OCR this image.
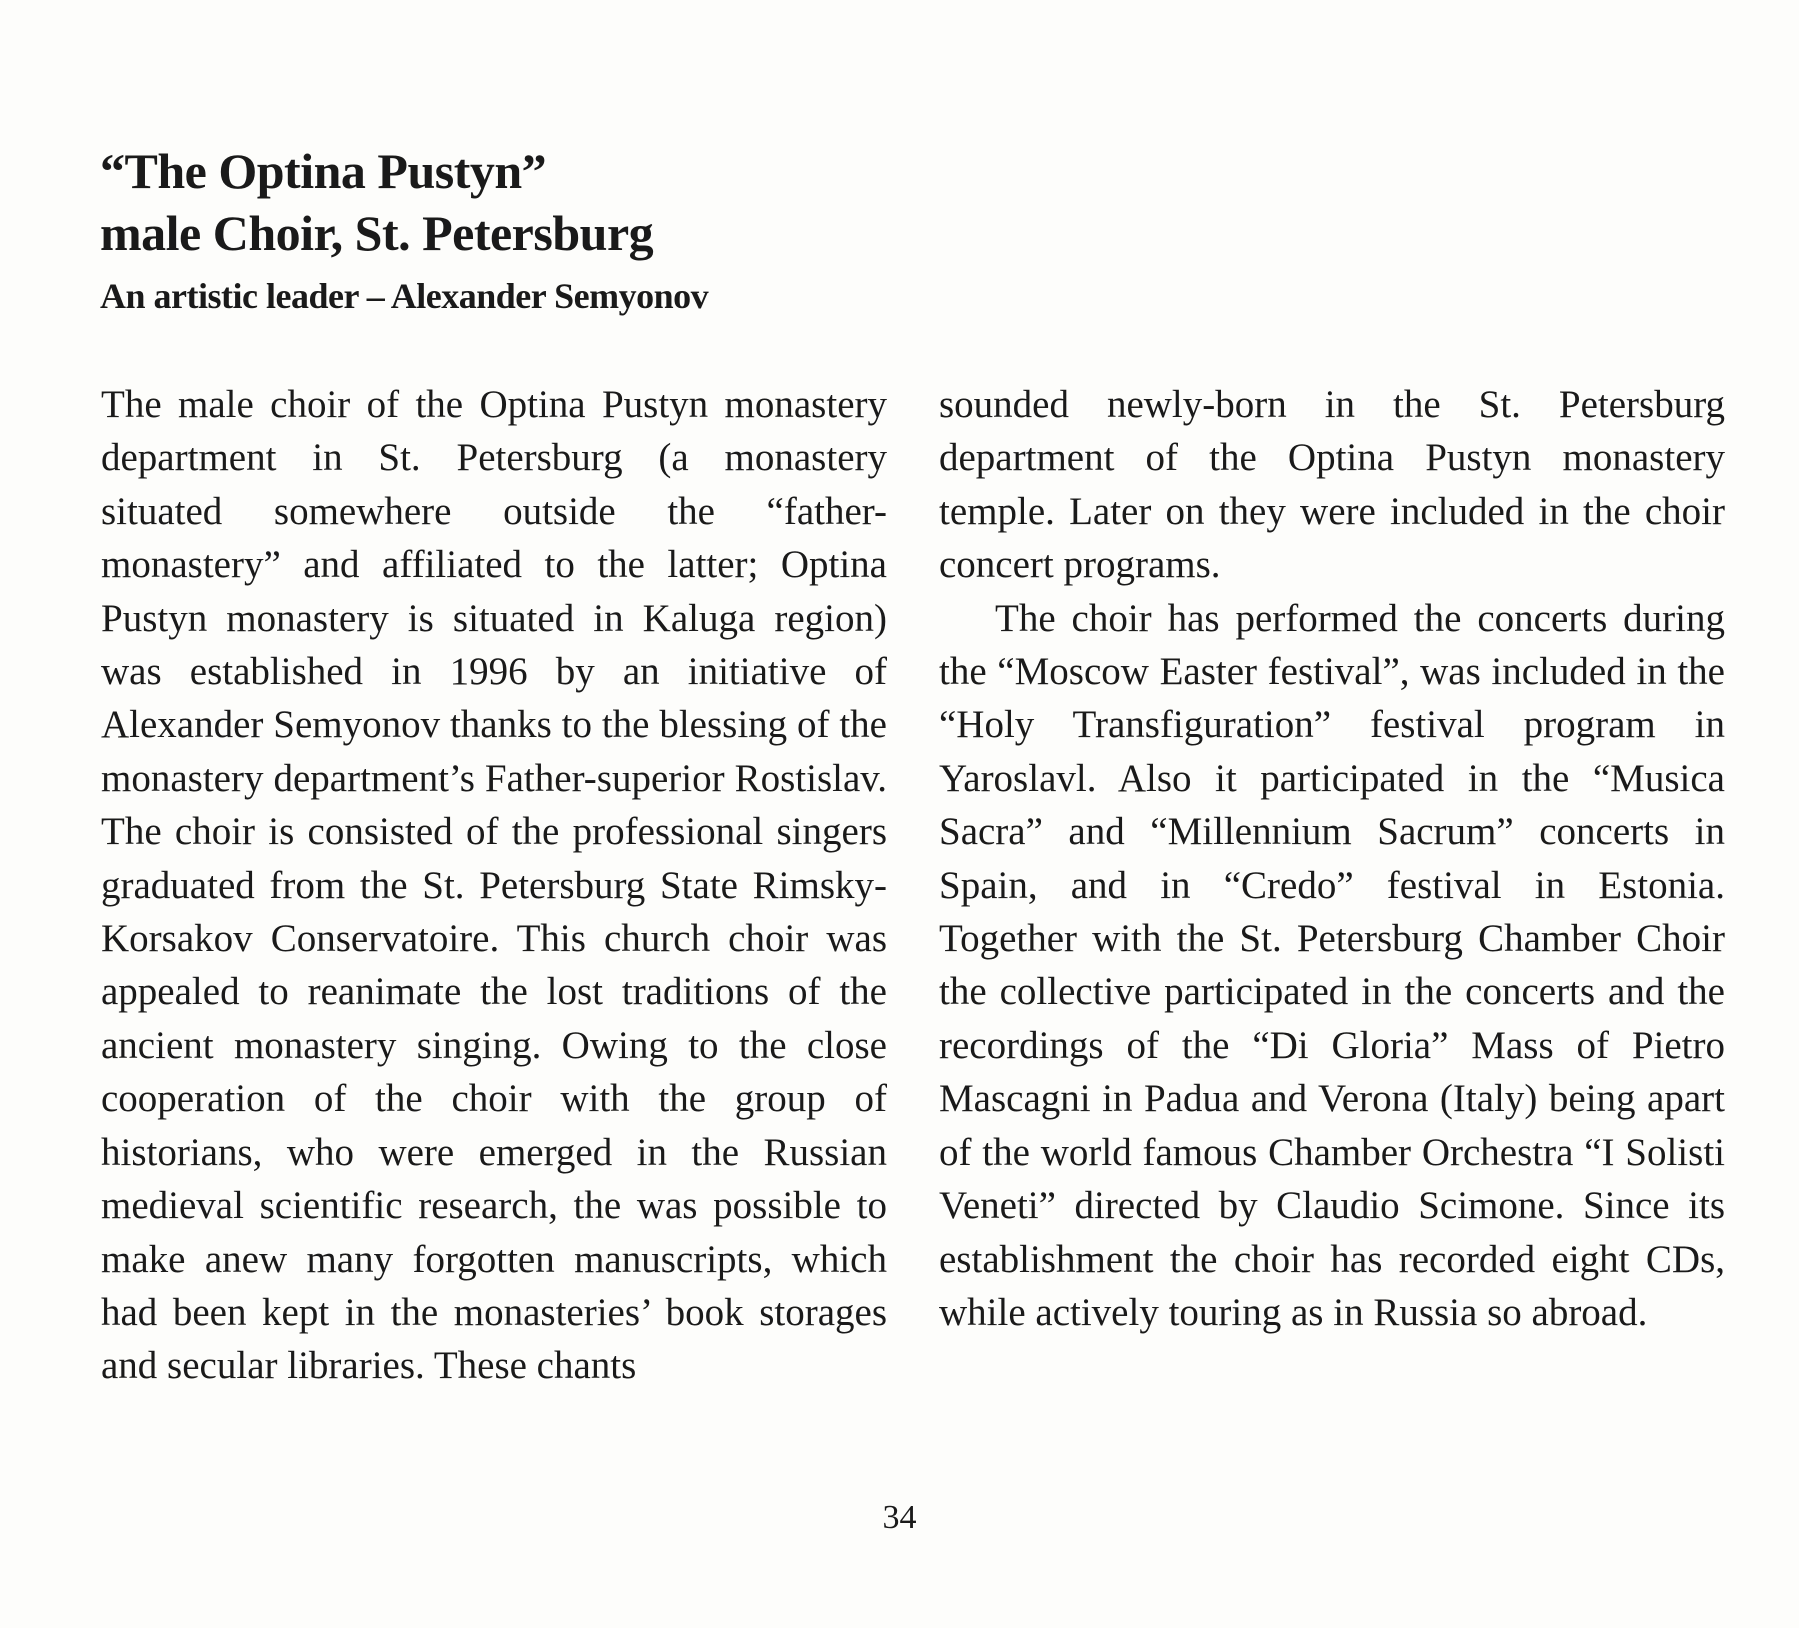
“The Optina Pustyn”
male Choir, St. Petersburg
An artistic leader – Alexander Semyonov

The male choir of the Optina Pustyn monastery department in St. Petersburg (a monastery situated somewhere outside the “father-monastery” and affiliated to the latter; Optina Pustyn monastery is situated in Kaluga region) was established in 1996 by an initiative of Alexander Semyonov thanks to the blessing of the monastery department’s Father-superior Rostislav. The choir is consisted of the professional singers graduated from the St. Petersburg State Rimsky-Korsakov Conservatoire. This church choir was appealed to reanimate the lost traditions of the ancient monastery singing. Owing to the close cooperation of the choir with the group of historians, who were emerged in the Russian medieval scientific research, the was possible to make anew many forgotten manuscripts, which had been kept in the monasteries’ book storages and secular libraries. These chants

sounded newly-born in the St. Petersburg department of the Optina Pustyn monastery temple. Later on they were included in the choir concert programs.

The choir has performed the concerts during the “Moscow Easter festival”, was included in the “Holy Transfiguration” festival program in Yaroslavl. Also it participated in the “Musica Sacra” and “Millennium Sacrum” concerts in Spain, and in “Credo” festival in Estonia. Together with the St. Petersburg Chamber Choir the collective participated in the concerts and the recordings of the “Di Gloria” Mass of Pietro Mascagni in Padua and Verona (Italy) being apart of the world famous Chamber Orchestra “I Solisti Veneti” directed by Claudio Scimone. Since its establishment the choir has recorded eight CDs, while actively touring as in Russia so abroad.

34
